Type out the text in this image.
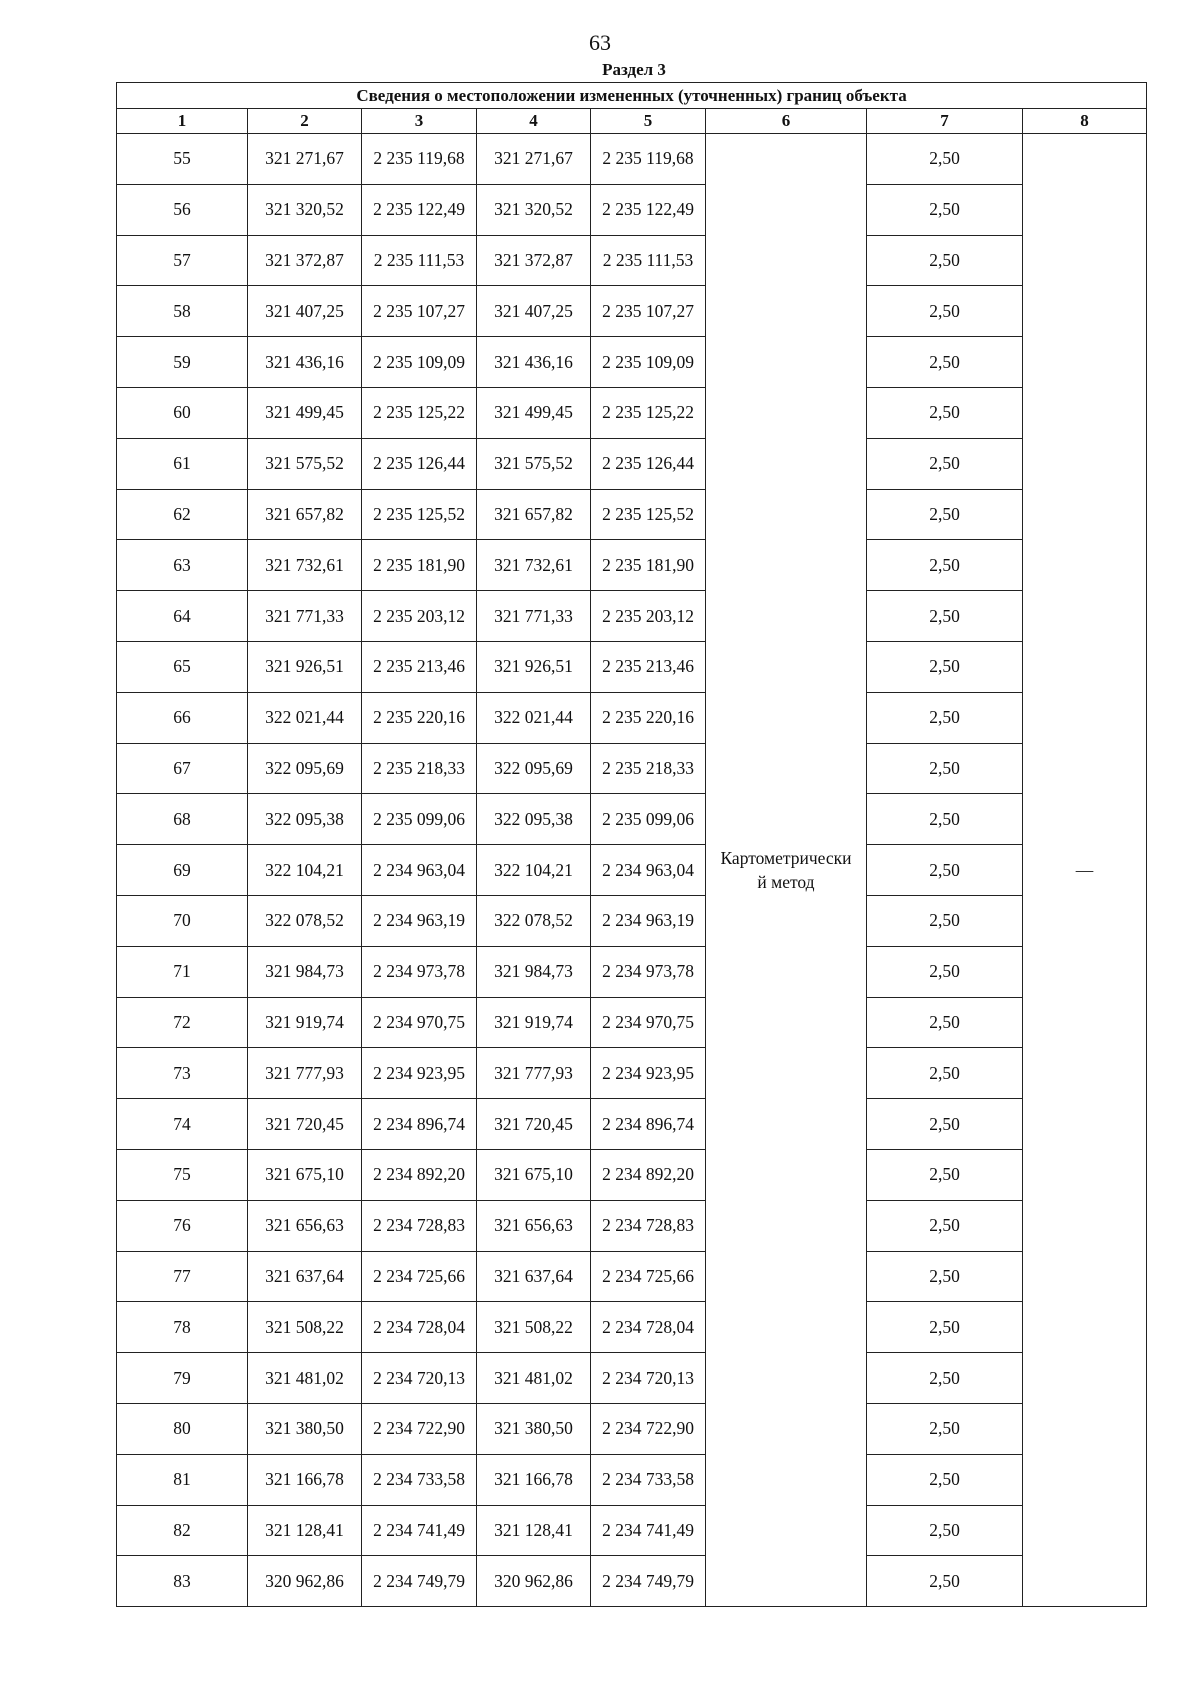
63
Раздел 3
Сведения о местоположении измененных (уточненных) границ объекта							
1	2	3	4	5	6	7	8
55	321 271,67	2 235 119,68	321 271,67	2 235 119,68	Картометрически
й метод	2,50	—
56	321 320,52	2 235 122,49	321 320,52	2 235 122,49		2,50	
57	321 372,87	2 235 111,53	321 372,87	2 235 111,53		2,50	
58	321 407,25	2 235 107,27	321 407,25	2 235 107,27		2,50	
59	321 436,16	2 235 109,09	321 436,16	2 235 109,09		2,50	
60	321 499,45	2 235 125,22	321 499,45	2 235 125,22		2,50	
61	321 575,52	2 235 126,44	321 575,52	2 235 126,44		2,50	
62	321 657,82	2 235 125,52	321 657,82	2 235 125,52		2,50	
63	321 732,61	2 235 181,90	321 732,61	2 235 181,90		2,50	
64	321 771,33	2 235 203,12	321 771,33	2 235 203,12		2,50	
65	321 926,51	2 235 213,46	321 926,51	2 235 213,46		2,50	
66	322 021,44	2 235 220,16	322 021,44	2 235 220,16		2,50	
67	322 095,69	2 235 218,33	322 095,69	2 235 218,33		2,50	
68	322 095,38	2 235 099,06	322 095,38	2 235 099,06		2,50	
69	322 104,21	2 234 963,04	322 104,21	2 234 963,04		2,50	
70	322 078,52	2 234 963,19	322 078,52	2 234 963,19		2,50	
71	321 984,73	2 234 973,78	321 984,73	2 234 973,78		2,50	
72	321 919,74	2 234 970,75	321 919,74	2 234 970,75		2,50	
73	321 777,93	2 234 923,95	321 777,93	2 234 923,95		2,50	
74	321 720,45	2 234 896,74	321 720,45	2 234 896,74		2,50	
75	321 675,10	2 234 892,20	321 675,10	2 234 892,20		2,50	
76	321 656,63	2 234 728,83	321 656,63	2 234 728,83		2,50	
77	321 637,64	2 234 725,66	321 637,64	2 234 725,66		2,50	
78	321 508,22	2 234 728,04	321 508,22	2 234 728,04		2,50	
79	321 481,02	2 234 720,13	321 481,02	2 234 720,13		2,50	
80	321 380,50	2 234 722,90	321 380,50	2 234 722,90		2,50	
81	321 166,78	2 234 733,58	321 166,78	2 234 733,58		2,50	
82	321 128,41	2 234 741,49	321 128,41	2 234 741,49		2,50	
83	320 962,86	2 234 749,79	320 962,86	2 234 749,79		2,50	
